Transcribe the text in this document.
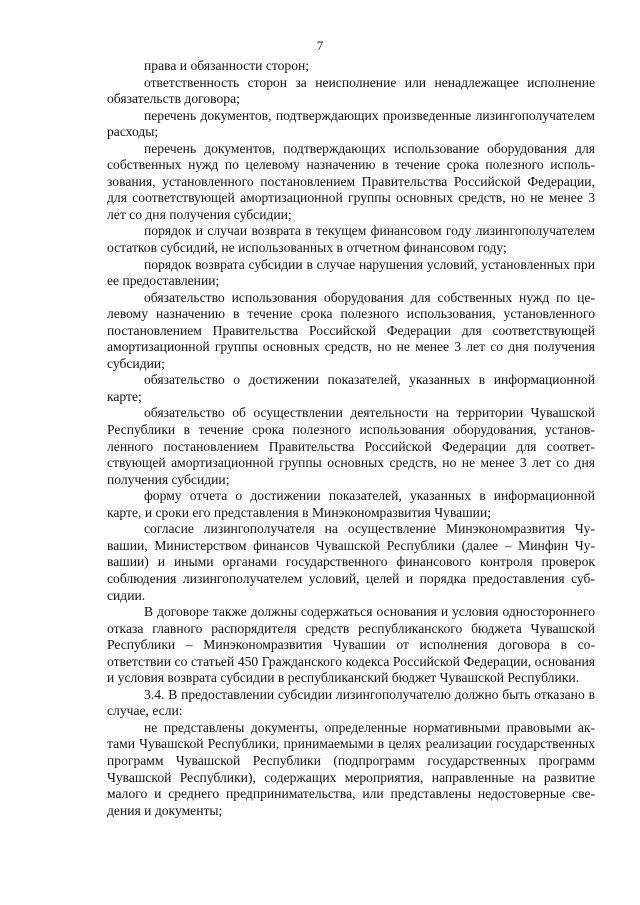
7

права и обязанности сторон;

ответственность сторон за неисполнение или ненадлежащее исполнение обязательств договора;

перечень документов, подтверждающих произведенные лизингополучателем расходы;

перечень документов, подтверждающих использование оборудования для собственных нужд по целевому назначению в течение срока полезного использования, установленного постановлением Правительства Российской Федерации, для соответствующей амортизационной группы основных средств, но не менее 3 лет со дня получения субсидии;

порядок и случаи возврата в текущем финансовом году лизингополучателем остатков субсидий, не использованных в отчетном финансовом году;

порядок возврата субсидии в случае нарушения условий, установленных при ее предоставлении;

обязательство использования оборудования для собственных нужд по целевому назначению в течение срока полезного использования, установленного постановлением Правительства Российской Федерации для соответствующей амортизационной группы основных средств, но не менее 3 лет со дня получения субсидии;

обязательство о достижении показателей, указанных в информационной карте;

обязательство об осуществлении деятельности на территории Чувашской Республики в течение срока полезного использования оборудования, установленного постановлением Правительства Российской Федерации для соответствующей амортизационной группы основных средств, но не менее 3 лет со дня получения субсидии;

форму отчета о достижении показателей, указанных в информационной карте, и сроки его представления в Минэкономразвития Чувашии;

согласие лизингополучателя на осуществление Минэкономразвития Чувашии, Министерством финансов Чувашской Республики (далее – Минфин Чувашии) и иными органами государственного финансового контроля проверок соблюдения лизингополучателем условий, целей и порядка предоставления субсидии.

В договоре также должны содержаться основания и условия одностороннего отказа главного распорядителя средств республиканского бюджета Чувашской Республики – Минэкономразвития Чувашии от исполнения договора в соответствии со статьей 450 Гражданского кодекса Российской Федерации, основания и условия возврата субсидии в республиканский бюджет Чувашской Республики.

3.4. В предоставлении субсидии лизингополучателю должно быть отказано в случае, если:

не представлены документы, определенные нормативными правовыми актами Чувашской Республики, принимаемыми в целях реализации государственных программ Чувашской Республики (подпрограмм государственных программ Чувашской Республики), содержащих мероприятия, направленные на развитие малого и среднего предпринимательства, или представлены недостоверные сведения и документы;
